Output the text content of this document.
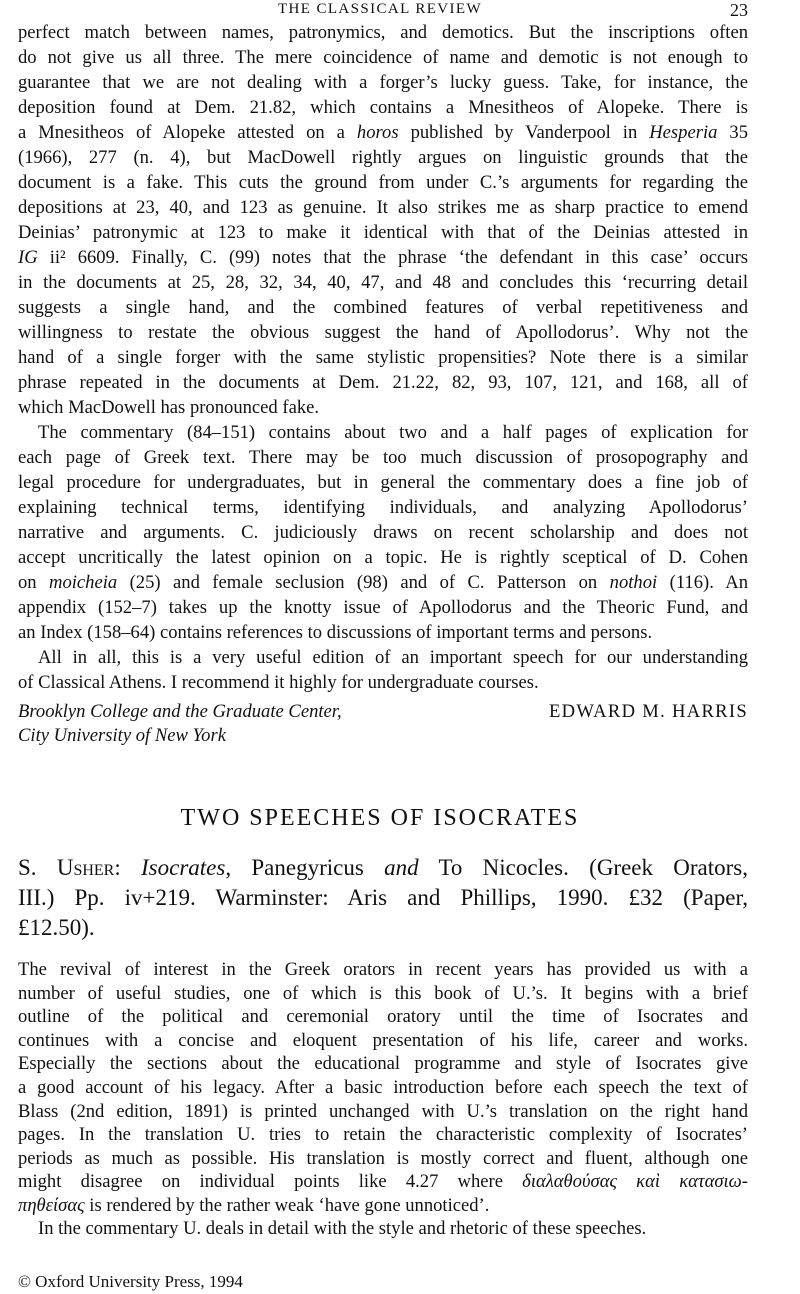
THE CLASSICAL REVIEW	23
perfect match between names, patronymics, and demotics. But the inscriptions often
do not give us all three. The mere coincidence of name and demotic is not enough to
guarantee that we are not dealing with a forger’s lucky guess. Take, for instance, the
deposition found at Dem. 21.82, which contains a Mnesitheos of Alopeke. There is
a Mnesitheos of Alopeke attested on a horos published by Vanderpool in Hesperia 35
(1966), 277 (n. 4), but MacDowell rightly argues on linguistic grounds that the
document is a fake. This cuts the ground from under C.’s arguments for regarding the
depositions at 23, 40, and 123 as genuine. It also strikes me as sharp practice to emend
Deinias’ patronymic at 123 to make it identical with that of the Deinias attested in
IG ii² 6609. Finally, C. (99) notes that the phrase ‘the defendant in this case’ occurs
in the documents at 25, 28, 32, 34, 40, 47, and 48 and concludes this ‘recurring detail
suggests a single hand, and the combined features of verbal repetitiveness and
willingness to restate the obvious suggest the hand of Apollodorus’. Why not the
hand of a single forger with the same stylistic propensities? Note there is a similar
phrase repeated in the documents at Dem. 21.22, 82, 93, 107, 121, and 168, all of
which MacDowell has pronounced fake.
The commentary (84–151) contains about two and a half pages of explication for
each page of Greek text. There may be too much discussion of prosopography and
legal procedure for undergraduates, but in general the commentary does a fine job of
explaining technical terms, identifying individuals, and analyzing Apollodorus’
narrative and arguments. C. judiciously draws on recent scholarship and does not
accept uncritically the latest opinion on a topic. He is rightly sceptical of D. Cohen
on moicheia (25) and female seclusion (98) and of C. Patterson on nothoi (116). An
appendix (152–7) takes up the knotty issue of Apollodorus and the Theoric Fund, and
an Index (158–64) contains references to discussions of important terms and persons.
All in all, this is a very useful edition of an important speech for our understanding
of Classical Athens. I recommend it highly for undergraduate courses.
Brooklyn College and the Graduate Center,
City University of New York
EDWARD M. HARRIS
TWO SPEECHES OF ISOCRATES
S. Usher: Isocrates, Panegyricus and To Nicocles. (Greek Orators,
III.) Pp. iv+219. Warminster: Aris and Phillips, 1990. £32 (Paper,
£12.50).
The revival of interest in the Greek orators in recent years has provided us with a
number of useful studies, one of which is this book of U.’s. It begins with a brief
outline of the political and ceremonial oratory until the time of Isocrates and
continues with a concise and eloquent presentation of his life, career and works.
Especially the sections about the educational programme and style of Isocrates give
a good account of his legacy. After a basic introduction before each speech the text of
Blass (2nd edition, 1891) is printed unchanged with U.’s translation on the right hand
pages. In the translation U. tries to retain the characteristic complexity of Isocrates’
periods as much as possible. His translation is mostly correct and fluent, although one
might disagree on individual points like 4.27 where διαλαθούσας καὶ κατασιω-
πηθείσας is rendered by the rather weak ‘have gone unnoticed’.
In the commentary U. deals in detail with the style and rhetoric of these speeches.
© Oxford University Press, 1994
